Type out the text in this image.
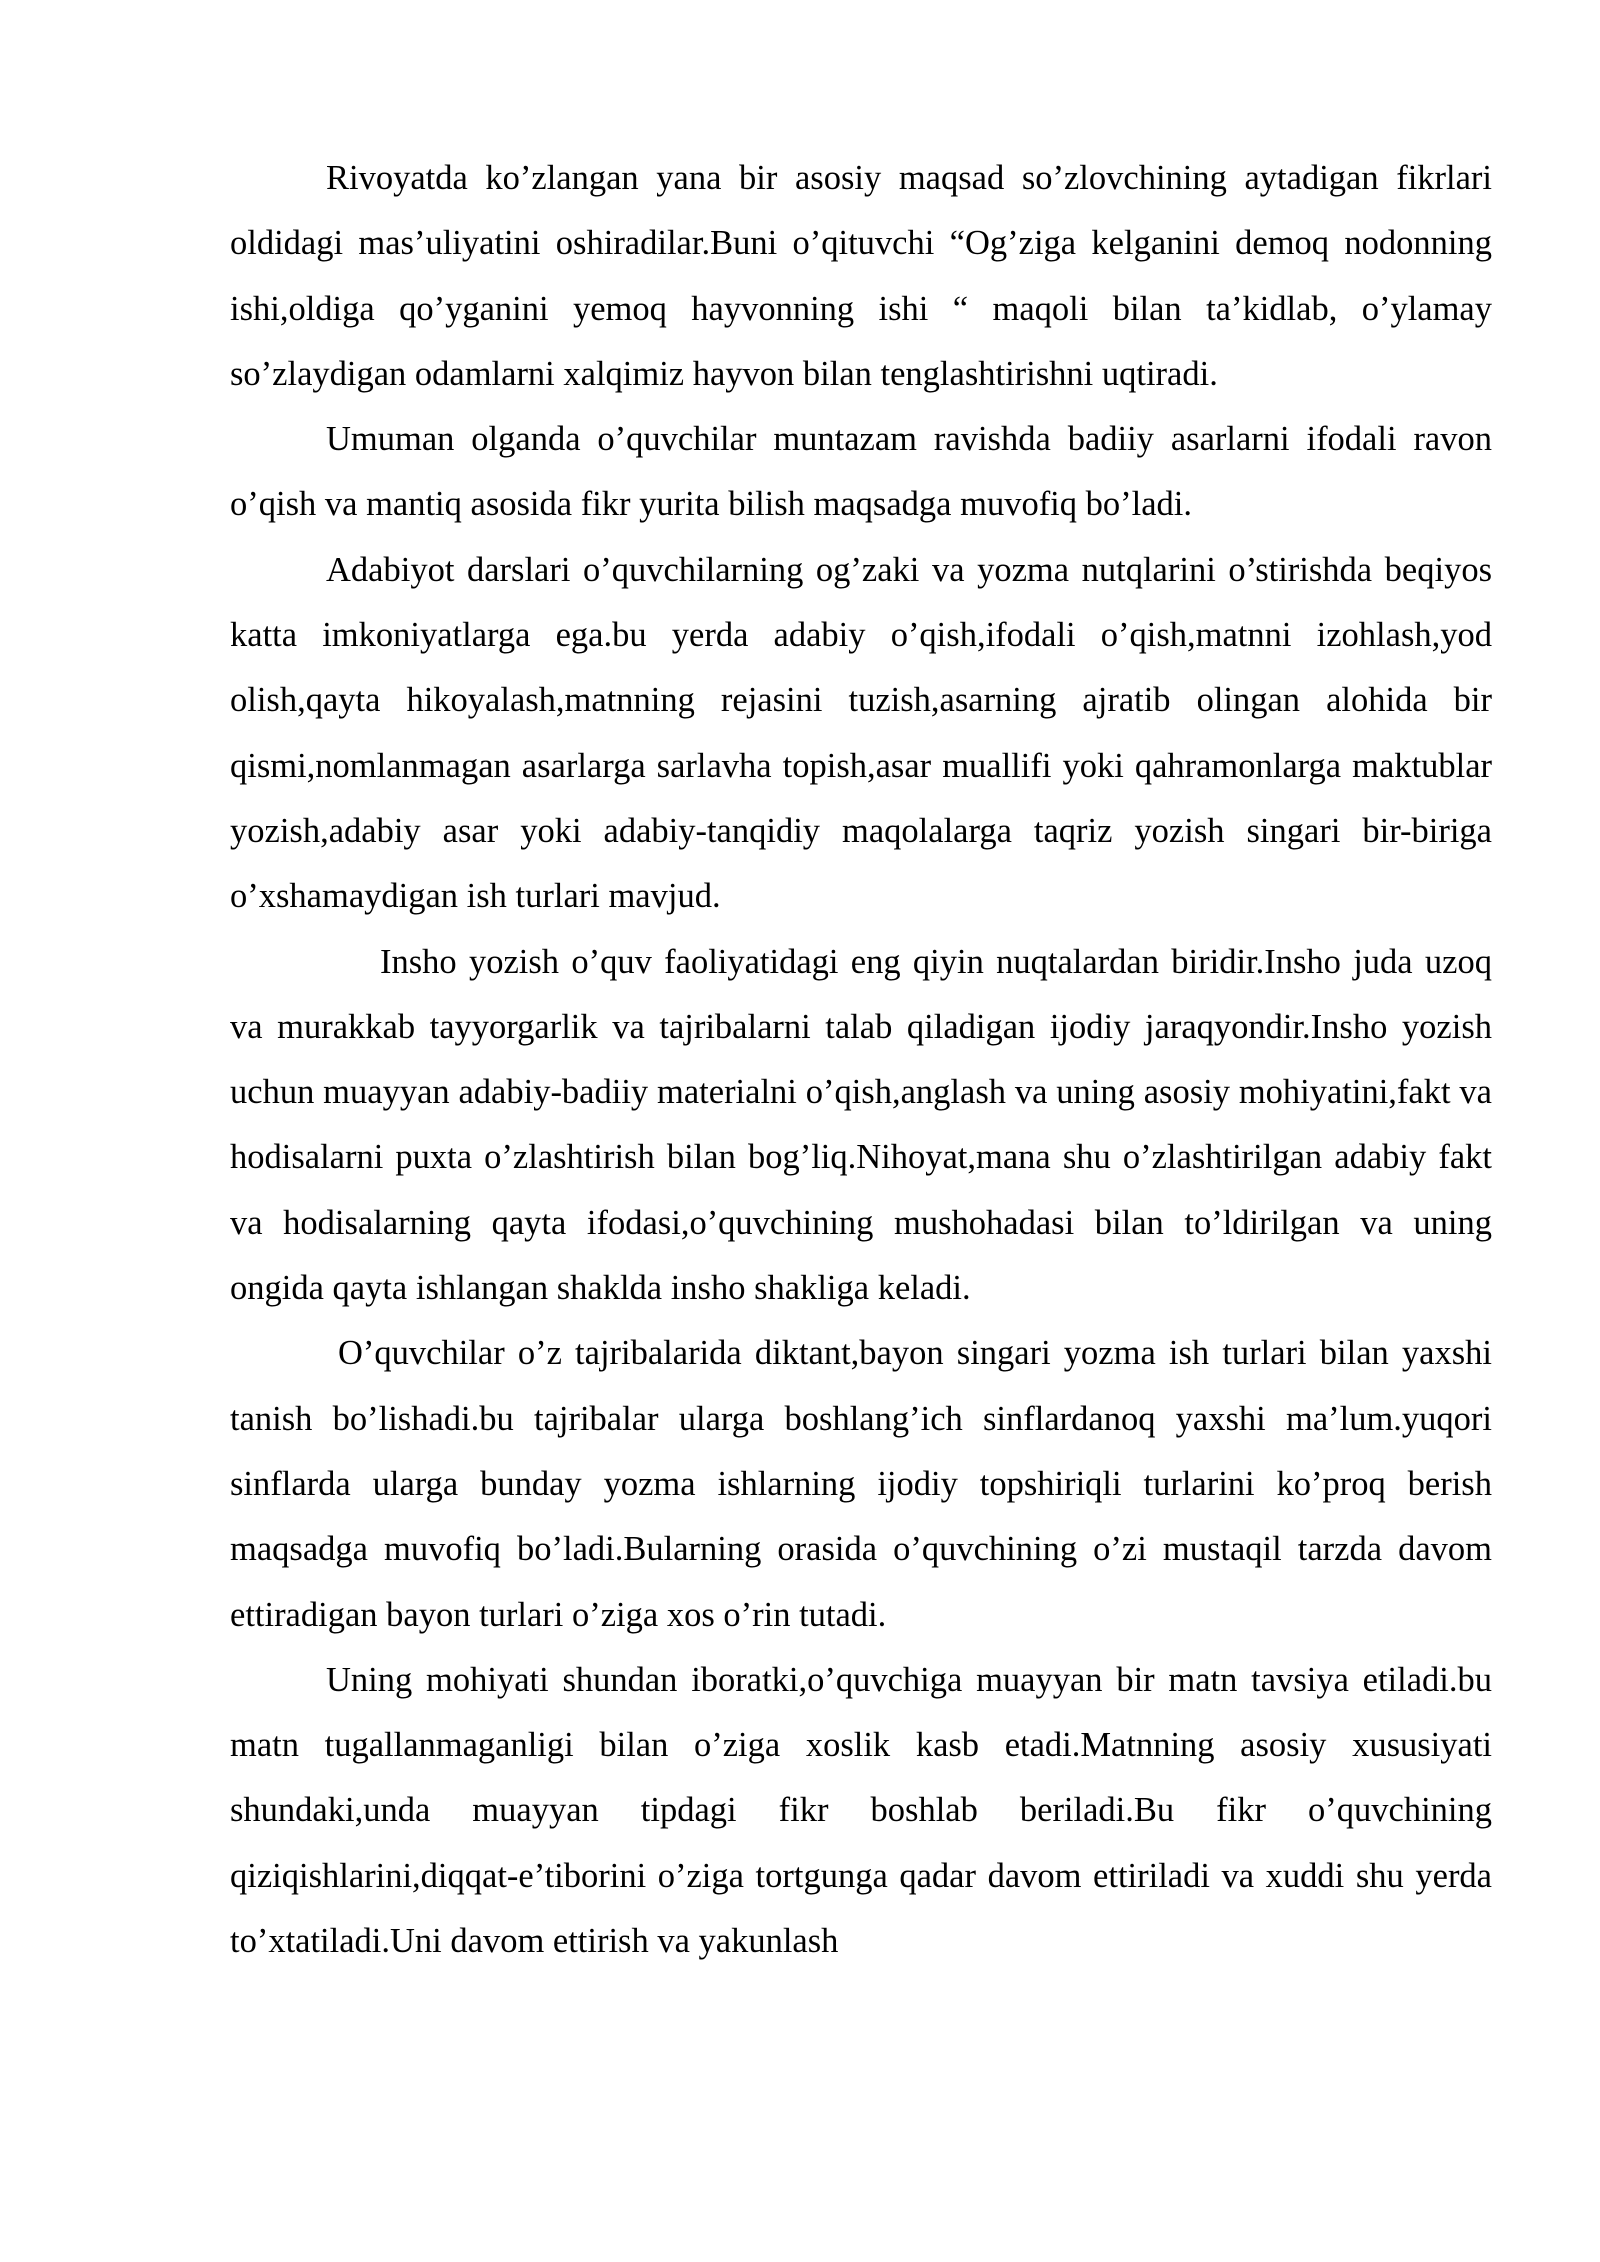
Rivoyatda ko’zlangan yana bir asosiy maqsad so’zlovchining aytadigan fikrlari oldidagi mas’uliyatini oshiradilar.Buni o’qituvchi “Og’ziga kelganini demoq nodonning ishi,oldiga qo’yganini yemoq hayvonning ishi “ maqoli bilan ta’kidlab, o’ylamay so’zlaydigan odamlarni xalqimiz hayvon bilan tenglashtirishni uqtiradi.

Umuman olganda o’quvchilar muntazam ravishda badiiy asarlarni ifodali ravon o’qish va mantiq asosida fikr yurita bilish maqsadga muvofiq bo’ladi.

Adabiyot darslari o’quvchilarning og’zaki va yozma nutqlarini o’stirishda beqiyos katta imkoniyatlarga ega.bu yerda adabiy o’qish,ifodali o’qish,matnni izohlash,yod olish,qayta hikoyalash,matnning rejasini tuzish,asarning ajratib olingan alohida bir qismi,nomlanmagan asarlarga sarlavha topish,asar muallifi yoki qahramonlarga maktublar yozish,adabiy asar yoki adabiy-tanqidiy maqolalarga taqriz yozish singari bir-biriga o’xshamaydigan ish turlari mavjud.

Insho yozish o’quv faoliyatidagi eng qiyin nuqtalardan biridir.Insho juda uzoq va murakkab tayyorgarlik va tajribalarni talab qiladigan ijodiy jaraqyondir.Insho yozish uchun muayyan adabiy-badiiy materialni o’qish,anglash va uning asosiy mohiyatini,fakt va hodisalarni puxta o’zlashtirish bilan bog’liq.Nihoyat,mana shu o’zlashtirilgan adabiy fakt va hodisalarning qayta ifodasi,o’quvchining mushohadasi bilan to’ldirilgan va uning ongida qayta ishlangan shaklda insho shakliga keladi.

O’quvchilar o’z tajribalarida diktant,bayon singari yozma ish turlari bilan yaxshi tanish bo’lishadi.bu tajribalar ularga boshlang’ich sinflardanoq yaxshi ma’lum.yuqori sinflarda ularga bunday yozma ishlarning ijodiy topshiriqli turlarini ko’proq berish maqsadga muvofiq bo’ladi.Bularning orasida o’quvchining o’zi mustaqil tarzda davom ettiradigan bayon turlari o’ziga xos o’rin tutadi.

Uning mohiyati shundan iboratki,o’quvchiga muayyan bir matn tavsiya etiladi.bu matn tugallanmaganligi bilan o’ziga xoslik kasb etadi.Matnning asosiy xususiyati shundaki,unda muayyan tipdagi fikr boshlab beriladi.Bu fikr o’quvchining qiziqishlarini,diqqat-e’tiborini o’ziga tortgunga qadar davom ettiriladi va xuddi shu yerda to’xtatiladi.Uni davom ettirish va yakunlash
